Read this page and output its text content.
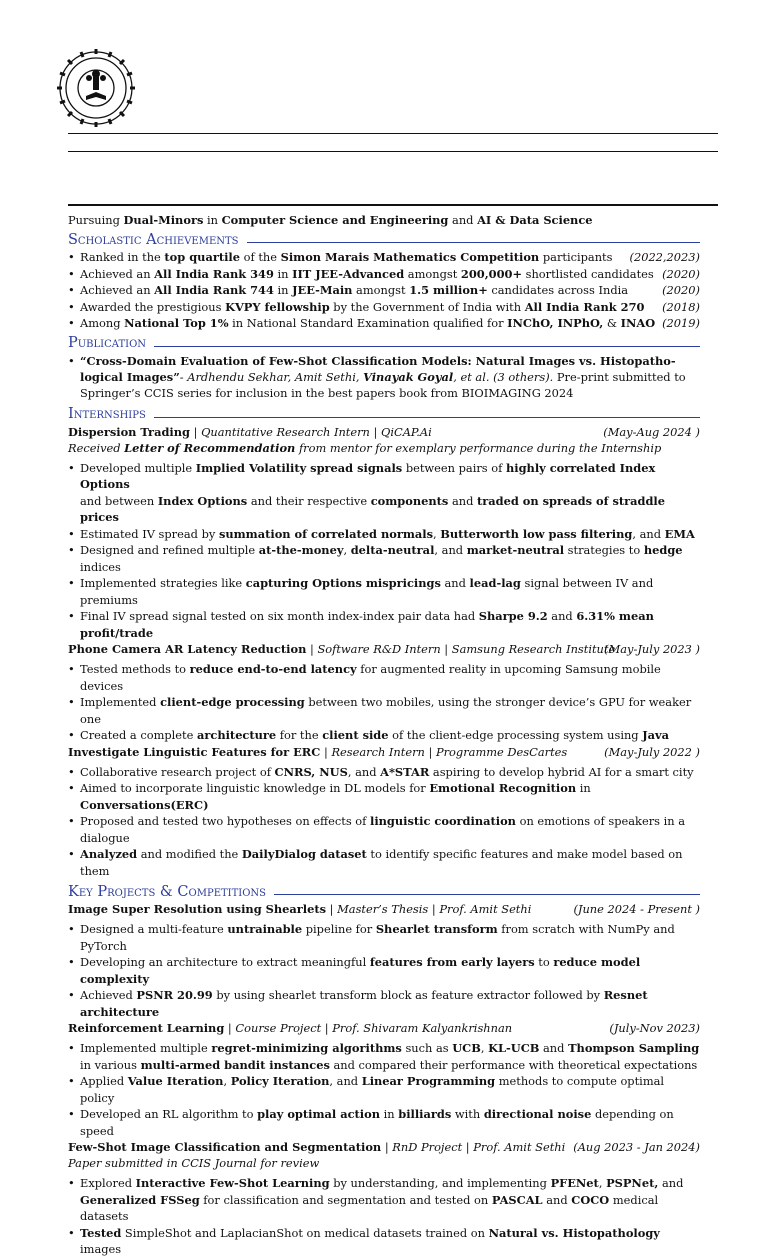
Pursuing Dual-Minors in Computer Science and Engineering and AI & Data Science
Scholastic Achievements
• Ranked in the top quartile of the Simon Marais Mathematics Competition participants (2022,2023)
• Achieved an All India Rank 349 in IIT JEE-Advanced amongst 200,000+ shortlisted candidates (2020)
• Achieved an All India Rank 744 in JEE-Main amongst 1.5 million+ candidates across India	(2020)
• Awarded the prestigious KVPY fellowship by the Government of India with All India Rank 270 (2018)
• Among National Top 1% in National Standard Examination qualified for INChO, INPhO, & INAO (2019)
Publication
• “Cross-Domain Evaluation of Few-Shot Classification Models: Natural Images vs. Histopatho-
logical Images”- Ardhendu Sekhar, Amit Sethi, Vinayak Goyal, et al. (3 others). Pre-print submitted to
Springer’s CCIS series for inclusion in the best papers book from BIOIMAGING 2024
Internships
Dispersion Trading | Quantitative Research Intern | QiCAP.Ai	(May-Aug 2024 )
Received Letter of Recommendation from mentor for exemplary performance during the Internship
• Developed multiple Implied Volatility spread signals between pairs of highly correlated Index Options
and between Index Options and their respective components and traded on spreads of straddle prices
• Estimated IV spread by summation of correlated normals, Butterworth low pass filtering, and EMA
• Designed and refined multiple at-the-money, delta-neutral, and market-neutral strategies to hedge indices
• Implemented strategies like capturing Options mispricings and lead-lag signal between IV and premiums
• Final IV spread signal tested on six month index-index pair data had Sharpe 9.2 and 6.31% mean profit/trade
Phone Camera AR Latency Reduction | Software R&D Intern | Samsung Research Institute
(May-July 2023 )
• Tested methods to reduce end-to-end latency for augmented reality in upcoming Samsung mobile devices
• Implemented client-edge processing between two mobiles, using the stronger device’s GPU for weaker one
• Created a complete architecture for the client side of the client-edge processing system using Java
Investigate Linguistic Features for ERC | Research Intern | Programme DesCartes	(May-July 2022 )
• Collaborative research project of CNRS, NUS, and A*STAR aspiring to develop hybrid AI for a smart city
• Aimed to incorporate linguistic knowledge in DL models for Emotional Recognition in Conversations(ERC)
• Proposed and tested two hypotheses on effects of linguistic coordination on emotions of speakers in a dialogue
• Analyzed and modified the DailyDialog dataset to identify specific features and make model based on them
Key Projects & Competitions
Image Super Resolution using Shearlets | Master’s Thesis | Prof. Amit Sethi	(June 2024 - Present )
• Designed a multi-feature untrainable pipeline for Shearlet transform from scratch with NumPy and PyTorch
• Developing an architecture to extract meaningful features from early layers to reduce model complexity
• Achieved PSNR 20.99 by using shearlet transform block as feature extractor followed by Resnet architecture
Reinforcement Learning | Course Project | Prof. Shivaram Kalyankrishnan	(July-Nov 2023)
• Implemented multiple regret-minimizing algorithms such as UCB, KL-UCB and Thompson Sampling
in various multi-armed bandit instances and compared their performance with theoretical expectations
• Applied Value Iteration, Policy Iteration, and Linear Programming methods to compute optimal policy
• Developed an RL algorithm to play optimal action in billiards with directional noise depending on speed
Few-Shot Image Classification and Segmentation | RnD Project | Prof. Amit Sethi (Aug 2023 - Jan 2024)
Paper submitted in CCIS Journal for review
• Explored Interactive Few-Shot Learning by understanding, and implementing PFENet, PSPNet, and
Generalized FSSeg for classification and segmentation and tested on PASCAL and COCO medical datasets
• Tested SimpleShot and LaplacianShot on medical datasets trained on Natural vs. Histopathology images
